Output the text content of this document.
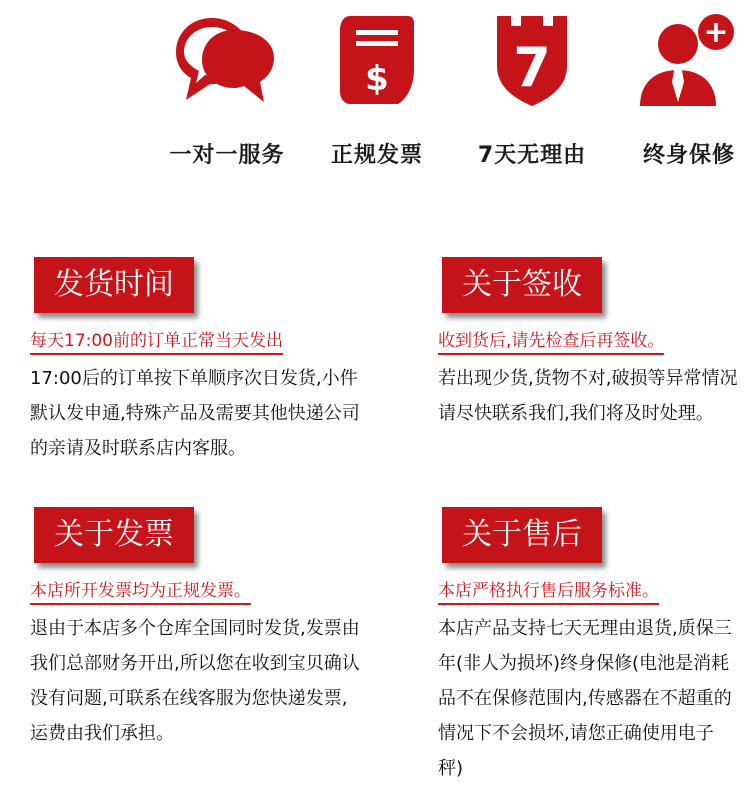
一对一服务
$
正规发票
7
7天无理由
+
终身保修
发货时间
每天17:00前的订单正常当天发出
17:00后的订单按下单顺序次日发货,小件默认发申通,特殊产品及需要其他快递公司的亲请及时联系店内客服。
关于签收
收到货后,请先检查后再签收。
若出现少货,货物不对,破损等异常情况请尽快联系我们,我们将及时处理。
关于发票
本店所开发票均为正规发票。
退由于本店多个仓库全国同时发货,发票由我们总部财务开出,所以您在收到宝贝确认没有问题,可联系在线客服为您快递发票,运费由我们承担。
关于售后
本店严格执行售后服务标准。
本店产品支持七天无理由退货,质保三年(非人为损坏)终身保修(电池是消耗品不在保修范围内,传感器在不超重的情况下不会损坏,请您正确使用电子秤)
